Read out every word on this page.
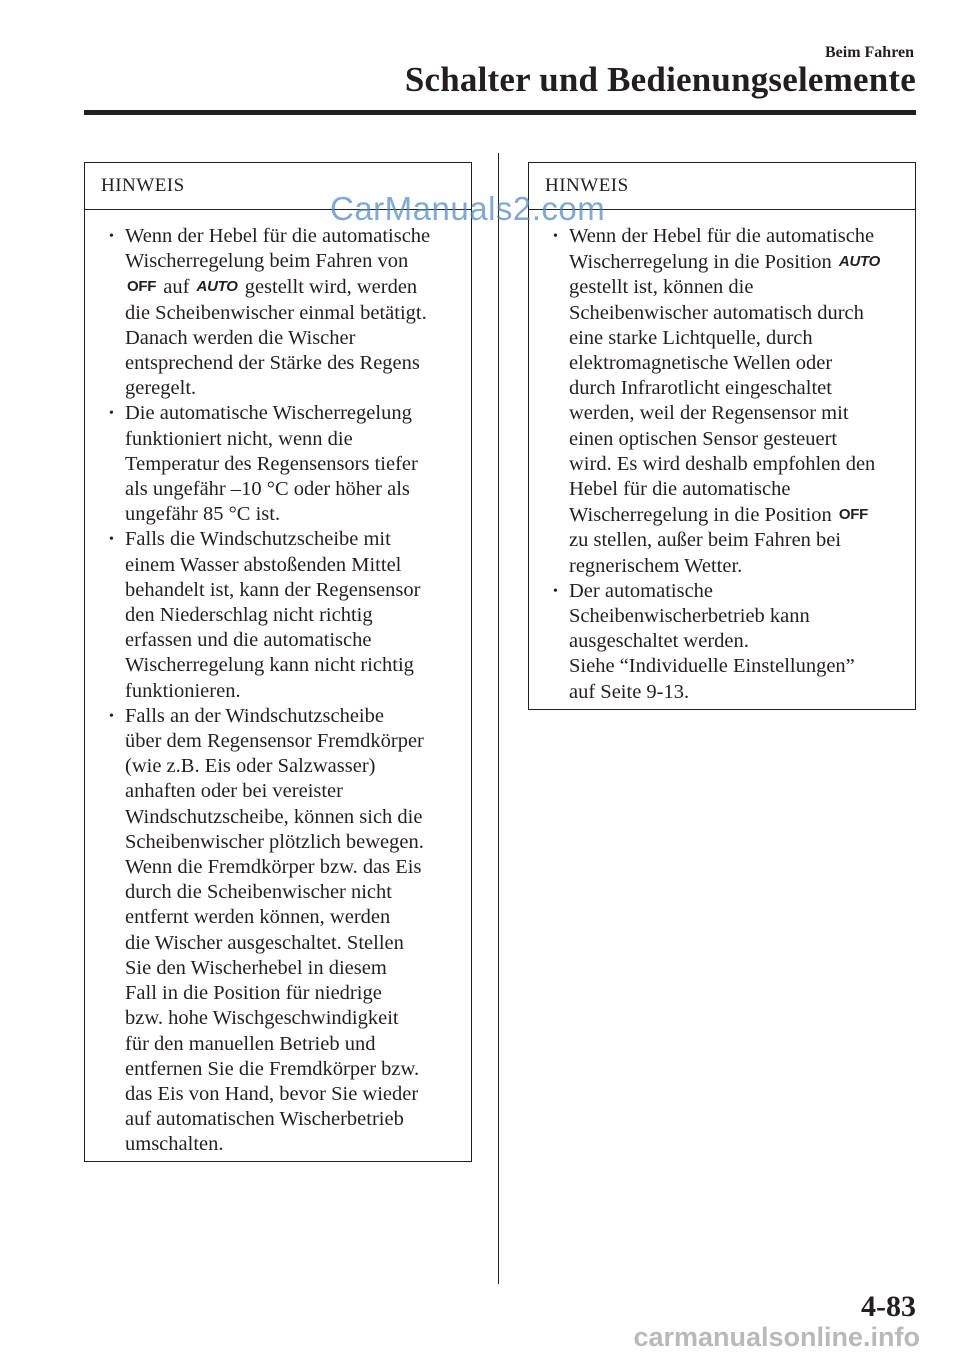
Beim Fahren
Schalter und Bedienungselemente
HINWEIS
• Wenn der Hebel für die automatische
Wischerregelung beim Fahren von
OFF auf AUTO gestellt wird, werden
die Scheibenwischer einmal betätigt.
Danach werden die Wischer
entsprechend der Stärke des Regens
geregelt.
• Die automatische Wischerregelung
funktioniert nicht, wenn die
Temperatur des Regensensors tiefer
als ungefähr –10 °C oder höher als
ungefähr 85 °C ist.
• Falls die Windschutzscheibe mit
einem Wasser abstoßenden Mittel
behandelt ist, kann der Regensensor
den Niederschlag nicht richtig
erfassen und die automatische
Wischerregelung kann nicht richtig
funktionieren.
• Falls an der Windschutzscheibe
über dem Regensensor Fremdkörper
(wie z.B. Eis oder Salzwasser)
anhaften oder bei vereister
Windschutzscheibe, können sich die
Scheibenwischer plötzlich bewegen.
Wenn die Fremdkörper bzw. das Eis
durch die Scheibenwischer nicht
entfernt werden können, werden
die Wischer ausgeschaltet. Stellen
Sie den Wischerhebel in diesem
Fall in die Position für niedrige
bzw. hohe Wischgeschwindigkeit
für den manuellen Betrieb und
entfernen Sie die Fremdkörper bzw.
das Eis von Hand, bevor Sie wieder
auf automatischen Wischerbetrieb
umschalten.
HINWEIS
• Wenn der Hebel für die automatische
Wischerregelung in die Position AUTO
gestellt ist, können die
Scheibenwischer automatisch durch
eine starke Lichtquelle, durch
elektromagnetische Wellen oder
durch Infrarotlicht eingeschaltet
werden, weil der Regensensor mit
einen optischen Sensor gesteuert
wird. Es wird deshalb empfohlen den
Hebel für die automatische
Wischerregelung in die Position OFF
zu stellen, außer beim Fahren bei
regnerischem Wetter.
• Der automatische
Scheibenwischerbetrieb kann
ausgeschaltet werden.
Siehe “Individuelle Einstellungen”
auf Seite 9-13.
CarManuals2.com
4-83
carmanualsonline.info
